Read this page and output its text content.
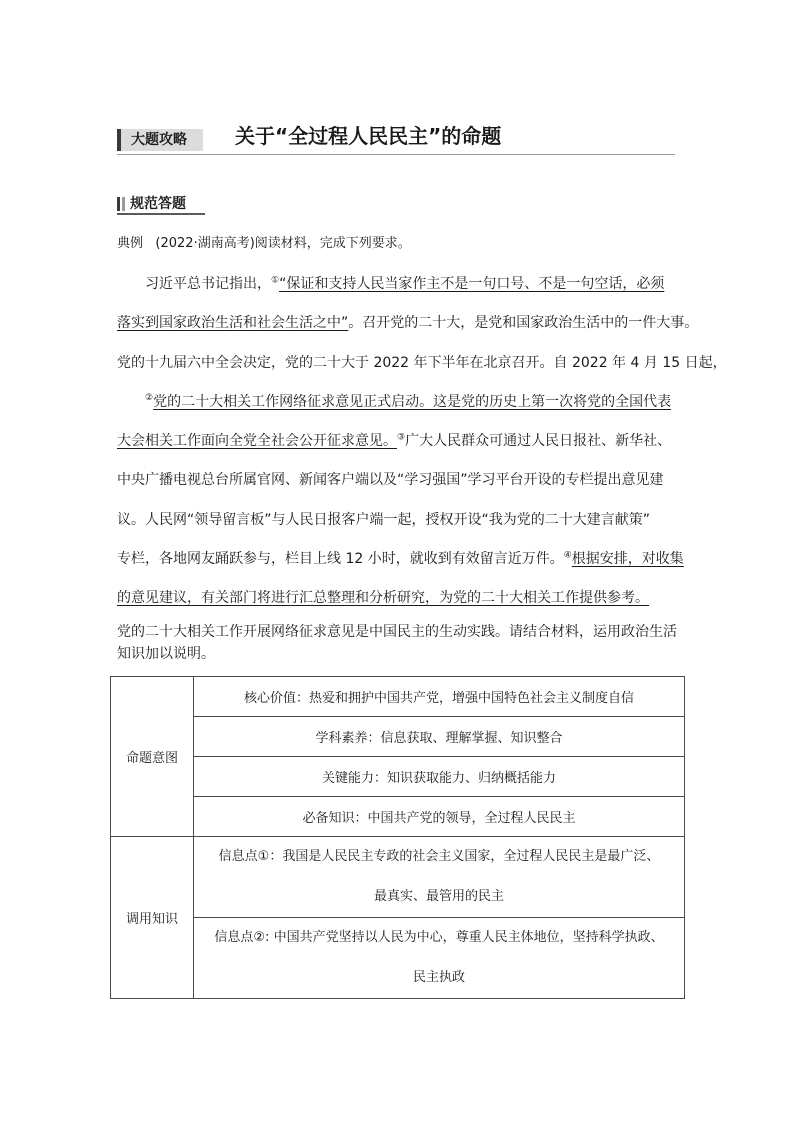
大题攻略	关于“全过程人民民主”的命题
规范答题
典例 (2022·湖南高考)阅读材料，完成下列要求。
习近平总书记指出，①“保证和支持人民当家作主不是一句口号、不是一句空话，必须
落实到国家政治生活和社会生活之中”。召开党的二十大，是党和国家政治生活中的一件大事。
党的十九届六中全会决定，党的二十大于 2022 年下半年在北京召开。自 2022 年 4 月 15 日起，
②党的二十大相关工作网络征求意见正式启动。这是党的历史上第一次将党的全国代表
大会相关工作面向全党全社会公开征求意见。③广大人民群众可通过人民日报社、新华社、
中央广播电视总台所属官网、新闻客户端以及“学习强国”学习平台开设的专栏提出意见建
议。人民网“领导留言板”与人民日报客户端一起，授权开设“我为党的二十大建言献策”
专栏，各地网友踊跃参与，栏目上线 12 小时，就收到有效留言近万件。④根据安排，对收集
的意见建议，有关部门将进行汇总整理和分析研究，为党的二十大相关工作提供参考。
党的二十大相关工作开展网络征求意见是中国民主的生动实践。请结合材料，运用政治生活知识加以说明。
命题意图	核心价值：热爱和拥护中国共产党，增强中国特色社会主义制度自信
	学科素养：信息获取、理解掌握、知识整合
	关键能力：知识获取能力、归纳概括能力
	必备知识：中国共产党的领导，全过程人民民主
调用知识	信息点①：我国是人民民主专政的社会主义国家，全过程人民民主是最广泛、
最真实、最管用的民主

	信息点②: 中国共产党坚持以人民为中心，尊重人民主体地位，坚持科学执政、
民主执政
